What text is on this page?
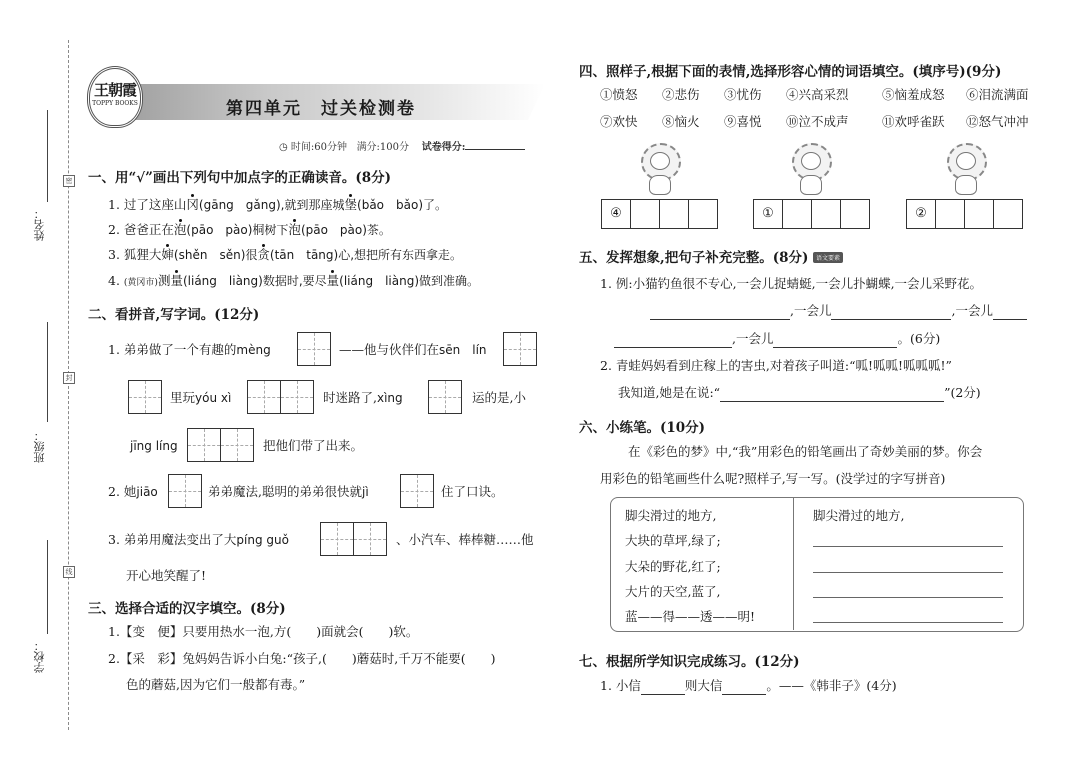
姓名：
班级：
学校：
密
封
线
王朝霞
TOPPY BOOKS	第四单元　过关检测卷
◷ 时间:60分钟 满分:100分 试卷得分:
一、用“√”画出下列句中加点字的正确读音。(8分)
1. 过了这座山冈(gāng　gǎng),就到那座城堡(bǎo　bǎo)了。
2. 爸爸正在泡(pāo　pào)桐树下泡(pāo　pào)茶。
3. 狐狸大婶(shěn　sěn)很贪(tān　tāng)心,想把所有东西拿走。
4. (黄冈市)测量(liáng　liàng)数据时,要尽量(liáng　liàng)做到准确。
二、看拼音,写字词。(12分)
1. 弟弟做了一个有趣的mèng	——他与伙伴们在sēn　lín
里玩yóu xì	时迷路了,xìng	运的是,小
jīng líng	把他们带了出来。
2. 她jiāo	弟弟魔法,聪明的弟弟很快就jì	住了口诀。
3. 弟弟用魔法变出了大píng guǒ	、小汽车、棒棒糖……他
开心地笑醒了!
三、选择合适的汉字填空。(8分)
1.【变　便】只要用热水一泡,方(　　)面就会(　　)软。
2.【采　彩】兔妈妈告诉小白兔:“孩子,(　　)蘑菇时,千万不能要(　　)
色的蘑菇,因为它们一般都有毒。”
四、照样子,根据下面的表情,选择形容心情的词语填空。(填序号)(9分)
①愤怒 ②悲伤 ③忧伤 ④兴高采烈	⑤恼羞成怒 ⑥泪流满面
⑦欢快 ⑧恼火 ⑨喜悦 ⑩泣不成声	⑪欢呼雀跃 ⑫怒气冲冲
④	①	②
五、发挥想象,把句子补充完整。(8分)	语文要素
1. 例:小猫钓鱼很不专心,一会儿捉蜻蜓,一会儿扑蝴蝶,一会儿采野花。
,一会儿	,一会儿
,一会儿	。(6分)
2. 青蛙妈妈看到庄稼上的害虫,对着孩子叫道:“呱!呱呱!呱呱呱!”
我知道,她是在说:“	”(2分)
六、小练笔。(10分)
在《彩色的梦》中,“我”用彩色的铅笔画出了奇妙美丽的梦。你会
用彩色的铅笔画些什么呢?照样子,写一写。(没学过的字写拼音)
脚尖滑过的地方,
大块的草坪,绿了;
大朵的野花,红了;
大片的天空,蓝了,
蓝——得——透——明!
脚尖滑过的地方,
七、根据所学知识完成练习。(12分)
1. 小信	则大信	。——《韩非子》(4分)
